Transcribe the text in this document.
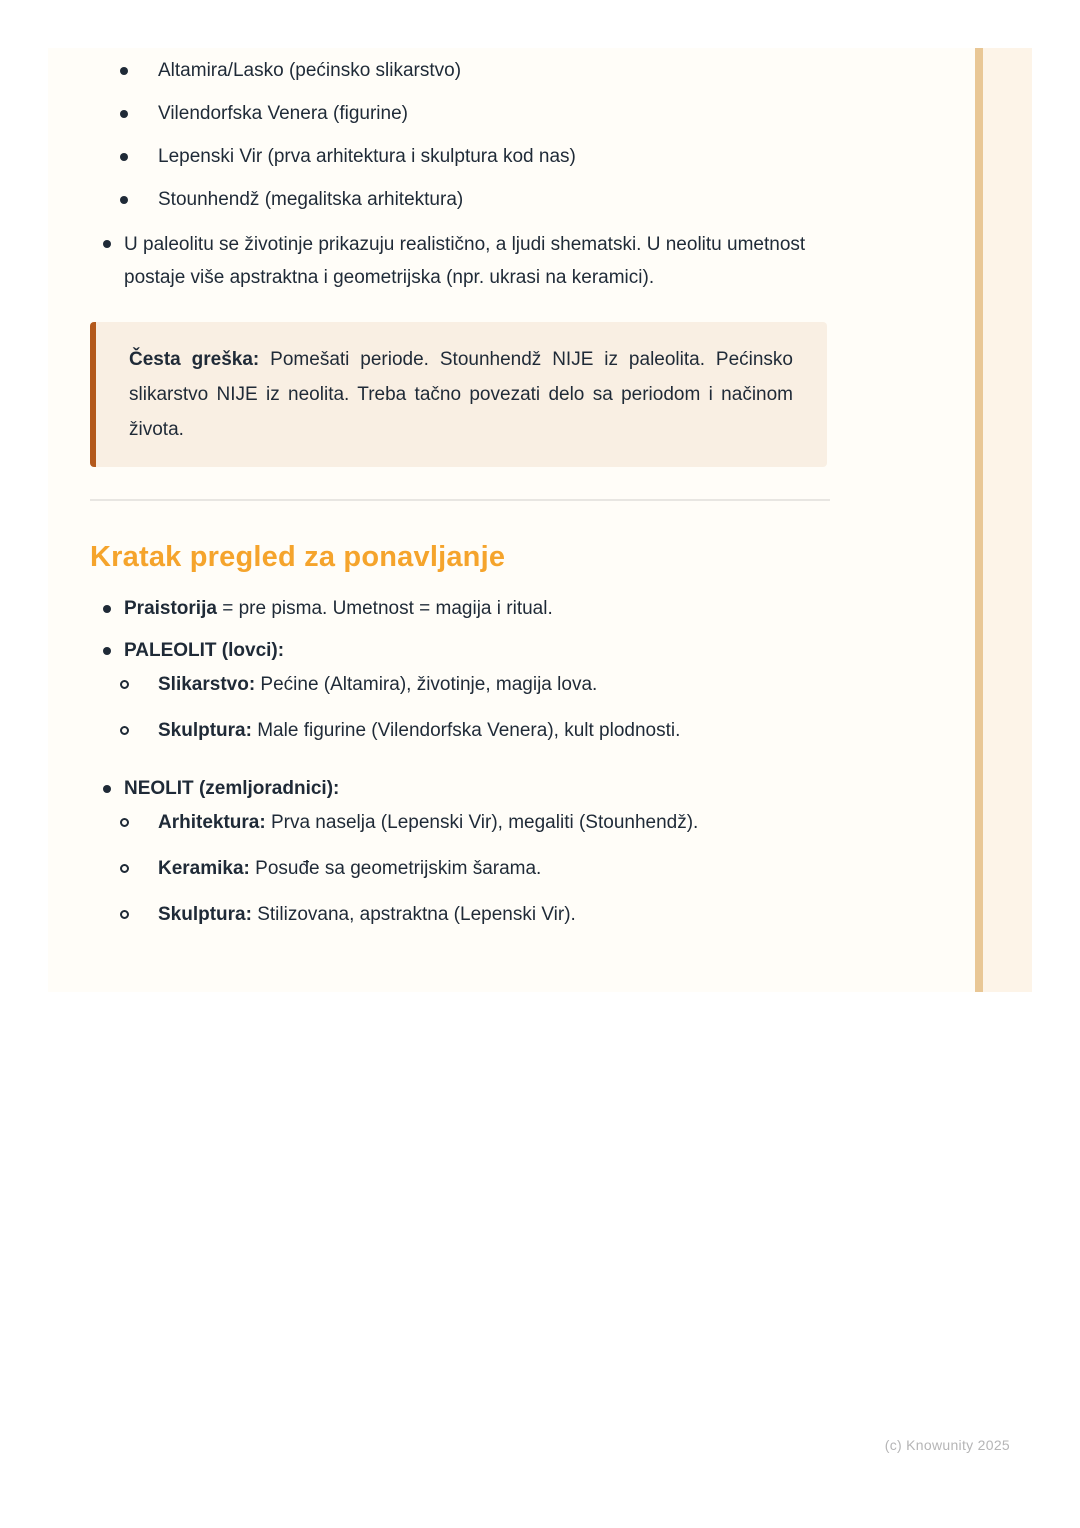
Altamira/Lasko (pećinsko slikarstvo)
Vilendorfska Venera (figurine)
Lepenski Vir (prva arhitektura i skulptura kod nas)
Stounhendž (megalitska arhitektura)
U paleolitu se životinje prikazuju realistično, a ljudi shematski. U neolitu umetnost postaje više apstraktna i geometrijska (npr. ukrasi na keramici).

Česta greška: Pomešati periode. Stounhendž NIJE iz paleolita. Pećinsko slikarstvo NIJE iz neolita. Treba tačno povezati delo sa periodom i načinom života.

Kratak pregled za ponavljanje
Praistorija = pre pisma. Umetnost = magija i ritual.
PALEOLIT (lovci):
Slikarstvo: Pećine (Altamira), životinje, magija lova.
Skulptura: Male figurine (Vilendorfska Venera), kult plodnosti.
NEOLIT (zemljoradnici):
Arhitektura: Prva naselja (Lepenski Vir), megaliti (Stounhendž).
Keramika: Posuđe sa geometrijskim šarama.
Skulptura: Stilizovana, apstraktna (Lepenski Vir).
(c) Knowunity 2025
